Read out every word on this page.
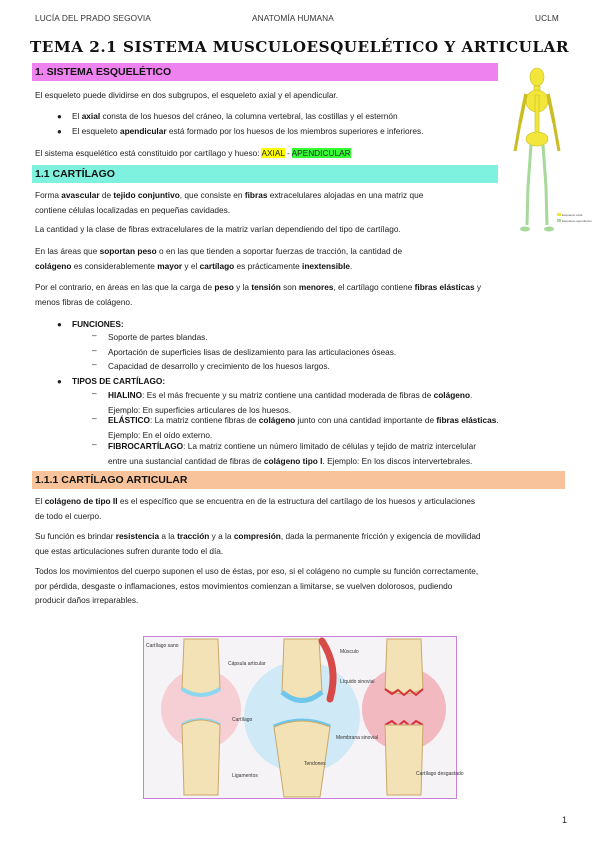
LUCÍA DEL PRADO SEGOVIA	ANATOMÍA HUMANA	UCLM
TEMA 2.1 SISTEMA MUSCULOESQUELÉTICO Y ARTICULAR
1. SISTEMA ESQUELÉTICO

El esqueleto puede dividirse en dos subgrupos, el esqueleto axial y el apendicular.

● El axial consta de los huesos del cráneo, la columna vertebral, las costillas y el esternón

● El esqueleto apendicular está formado por los huesos de los miembros superiores e inferiores.

El sistema esquelético está constituido por cartílago y hueso: AXIAL - APENDICULAR

Esqueleto axial
Esqueleto apendicular
1.1 CARTÍLAGO

Forma avascular de tejido conjuntivo, que consiste en fibras extracelulares alojadas en una matriz que
contiene células localizadas en pequeñas cavidades.

La cantidad y la clase de fibras extracelulares de la matriz varían dependiendo del tipo de cartílago.

En las áreas que soportan peso o en las que tienden a soportar fuerzas de tracción, la cantidad de
colágeno es considerablemente mayor y el cartílago es prácticamente inextensible.

Por el contrario, en áreas en las que la carga de peso y la tensión son menores, el cartílago contiene fibras elásticas y
menos fibras de colágeno.

● FUNCIONES:

– Soporte de partes blandas.

– Aportación de superficies lisas de deslizamiento para las articulaciones óseas.

– Capacidad de desarrollo y crecimiento de los huesos largos.

● TIPOS DE CARTÍLAGO:

– HIALINO: Es el más frecuente y su matriz contiene una cantidad moderada de fibras de colágeno.
Ejemplo: En superficies articulares de los huesos.

– ELÁSTICO: La matriz contiene fibras de colágeno junto con una cantidad importante de fibras elásticas.
Ejemplo: En el oído externo.

– FIBROCARTÍLAGO: La matriz contiene un número limitado de células y tejido de matriz intercelular
entre una sustancial cantidad de fibras de colágeno tipo I. Ejemplo: En los discos intervertebrales.

1.1.1 CARTÍLAGO ARTICULAR

El colágeno de tipo II es el específico que se encuentra en de la estructura del cartílago de los huesos y articulaciones
de todo el cuerpo.

Su función es brindar resistencia a la tracción y a la compresión, dada la permanente fricción y exigencia de movilidad
que estas articulaciones sufren durante todo el día.

Todos los movimientos del cuerpo suponen el uso de éstas, por eso, si el colágeno no cumple su función correctamente,
por pérdida, desgaste o inflamaciones, estos movimientos comienzan a limitarse, se vuelven dolorosos, pudiendo
producir daños irreparables.

Cartílago sano
Cápsula articular
Músculo
Líquido sinovial
Cartílago
Membrana sinovial
Ligamentos
Tendones
Cartílago desgastado
1
